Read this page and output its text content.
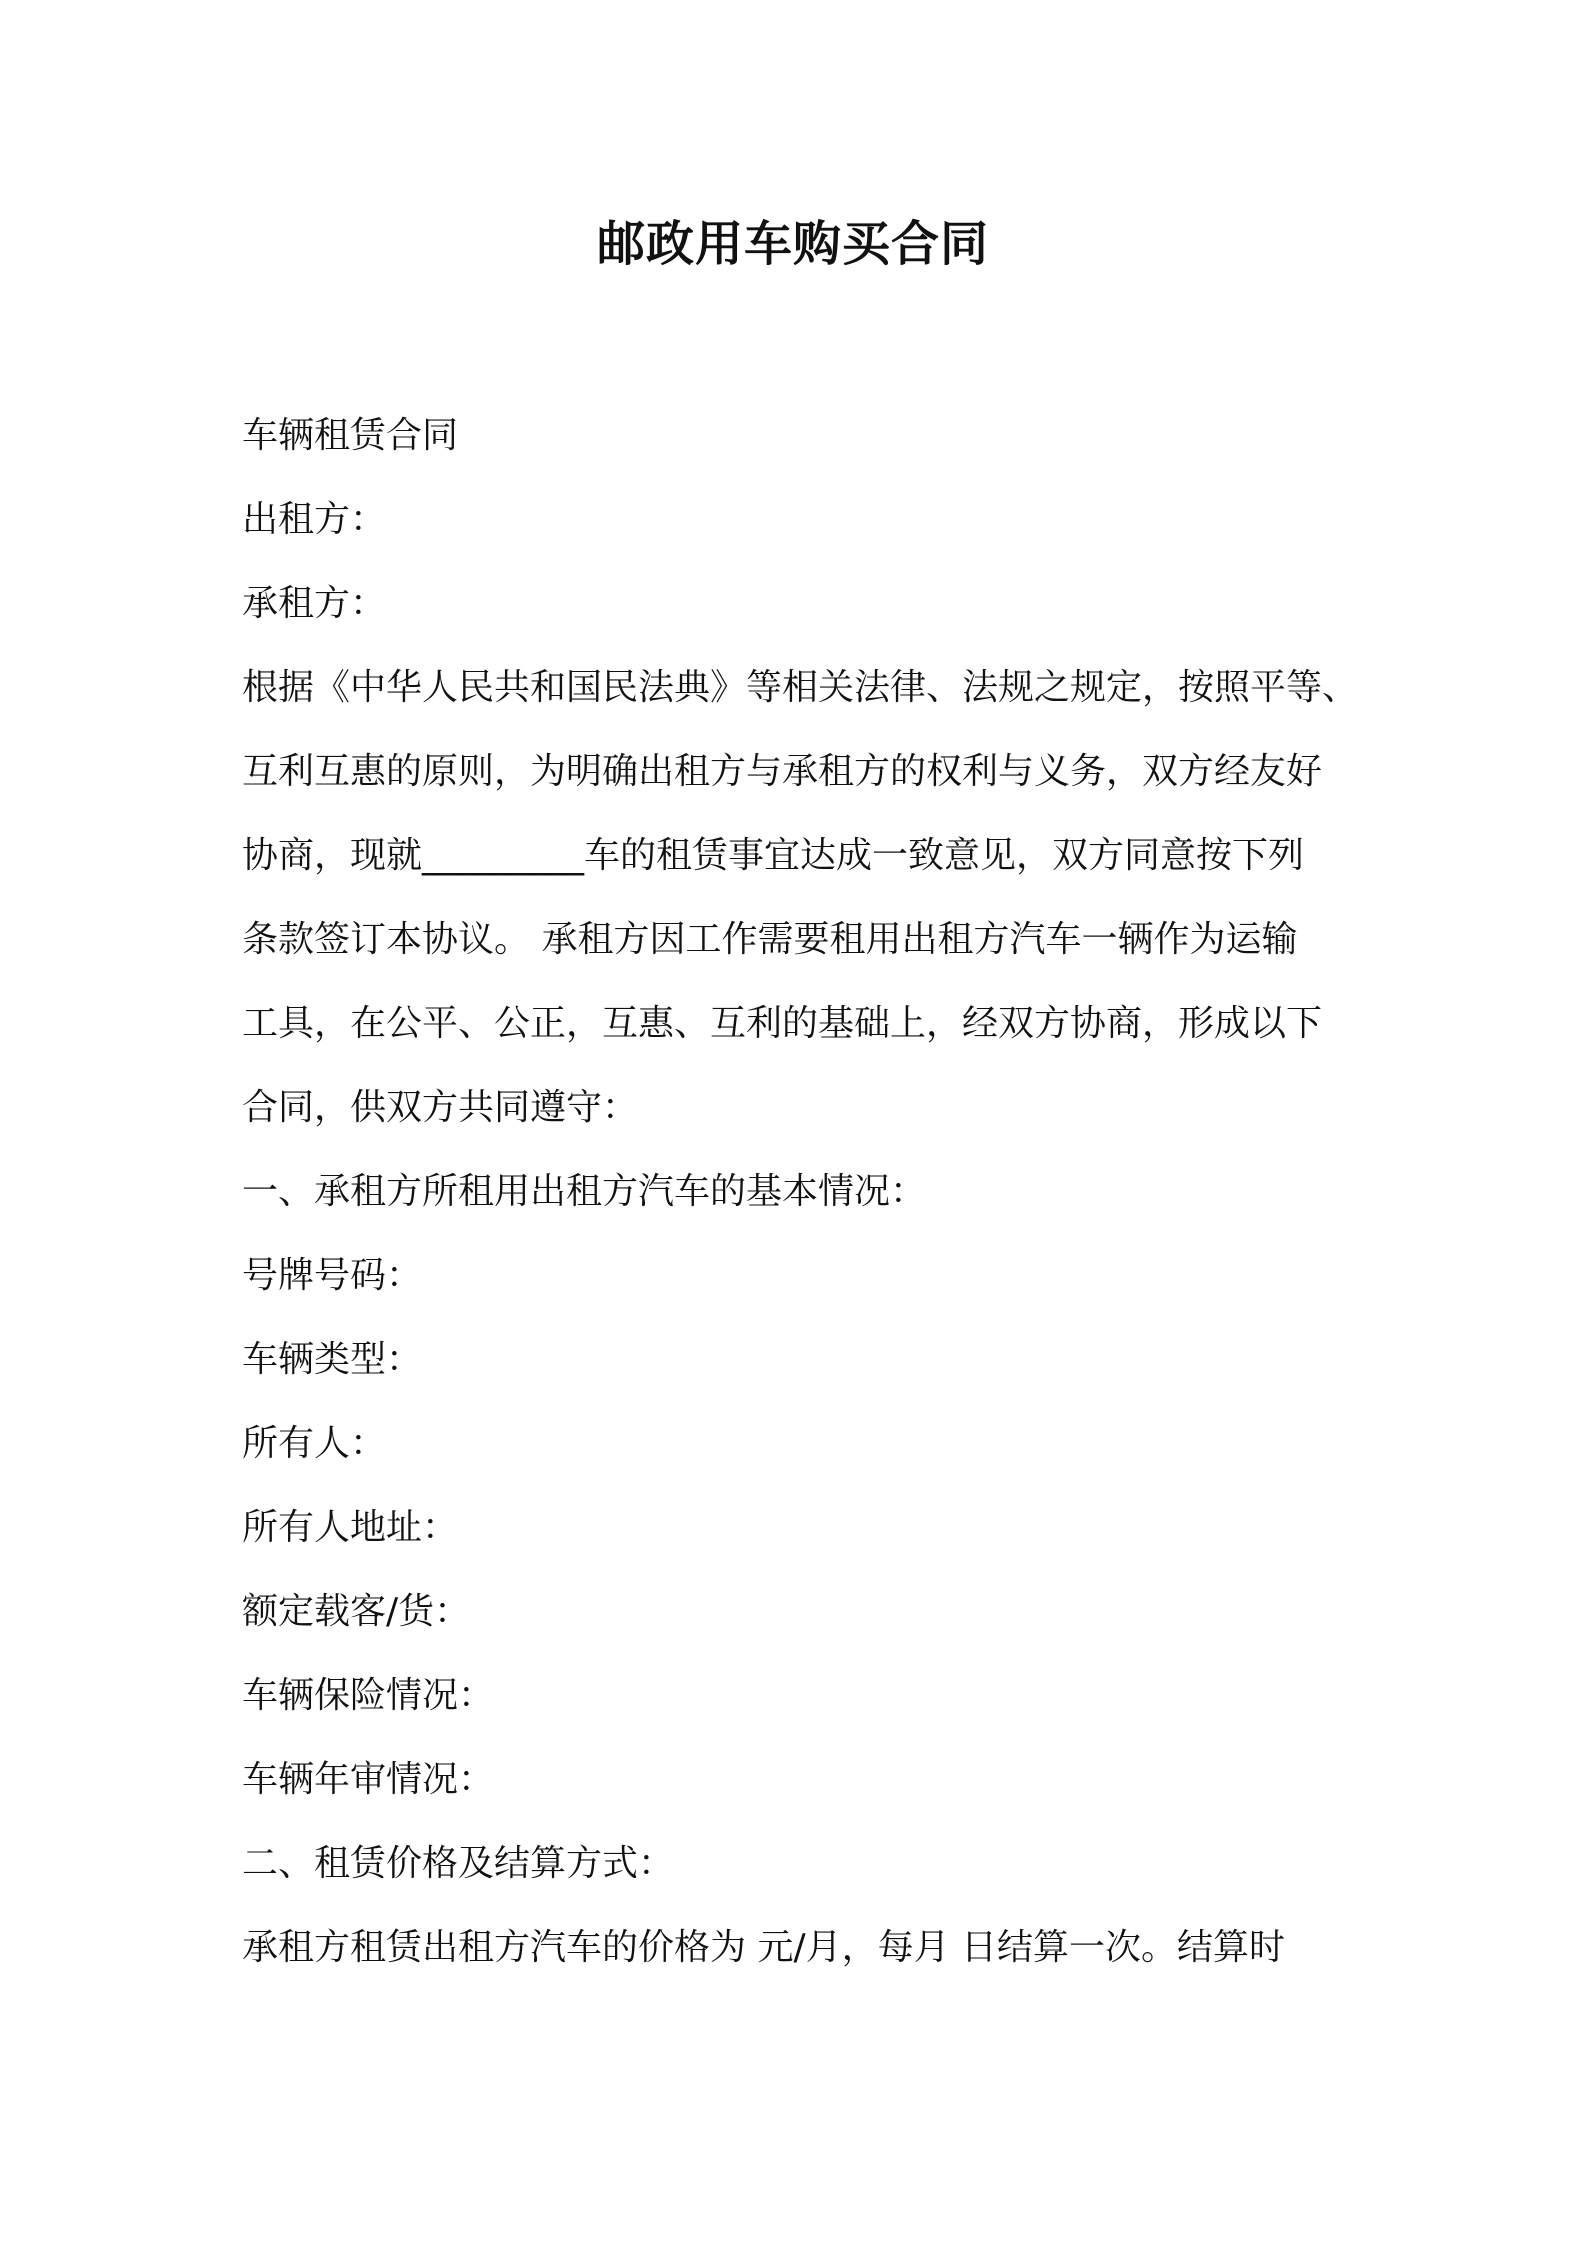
邮政用车购买合同
车辆租赁合同
出租方：
承租方：
根据《中华人民共和国民法典》等相关法律、法规之规定，按照平等、
互利互惠的原则，为明确出租方与承租方的权利与义务，双方经友好
协商，现就_________车的租赁事宜达成一致意见，双方同意按下列
条款签订本协议。 承租方因工作需要租用出租方汽车一辆作为运输
工具，在公平、公正，互惠、互利的基础上，经双方协商，形成以下
合同，供双方共同遵守：
一、承租方所租用出租方汽车的基本情况：
号牌号码：
车辆类型：
所有人：
所有人地址：
额定载客/货：
车辆保险情况：
车辆年审情况：
二、租赁价格及结算方式：
承租方租赁出租方汽车的价格为 元/月，每月 日结算一次。结算时
